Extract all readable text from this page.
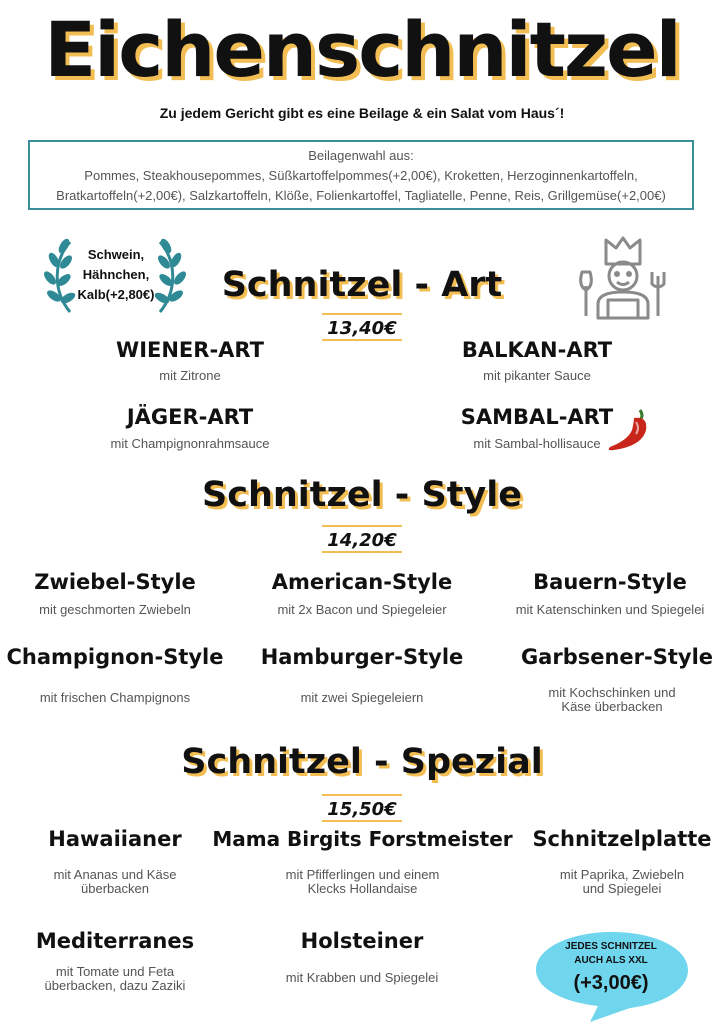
Eichenschnitzel
Zu jedem Gericht gibt es eine Beilage & ein Salat vom Haus´!
Beilagenwahl aus:
Pommes, Steakhousepommes, Süßkartoffelpommes(+2,00€), Kroketten, Herzoginnenkartoffeln,
Bratkartoffeln(+2,00€), Salzkartoffeln, Klöße, Folienkartoffel, Tagliatelle, Penne, Reis, Grillgemüse(+2,00€)
Schwein,
Hähnchen,
Kalb(+2,80€)	Schnitzel - Art
13,40€
WIENER-ART
mit Zitrone
BALKAN-ART
mit pikanter Sauce
JÄGER-ART
mit Champignonrahmsauce
SAMBAL-ART
mit Sambal-hollisauce
Schnitzel - Style
14,20€
Zwiebel-Style
mit geschmorten Zwiebeln
American-Style
mit 2x Bacon und Spiegeleier
Bauern-Style
mit Katenschinken und Spiegelei
Champignon-Style
mit frischen Champignons
Hamburger-Style
mit zwei Spiegeleiern
Garbsener-Style
mit Kochschinken und
Käse überbacken
Schnitzel - Spezial
15,50€
Hawaiianer
mit Ananas und Käse
überbacken
Mama Birgits Forstmeister
mit Pfifferlingen und einem
Klecks Hollandaise
Schnitzelplatte
mit Paprika, Zwiebeln
und Spiegelei
Mediterranes
mit Tomate und Feta
überbacken, dazu Zaziki
Holsteiner
mit Krabben und Spiegelei
JEDES SCHNITZEL
AUCH ALS XXL
(+3,00€)
